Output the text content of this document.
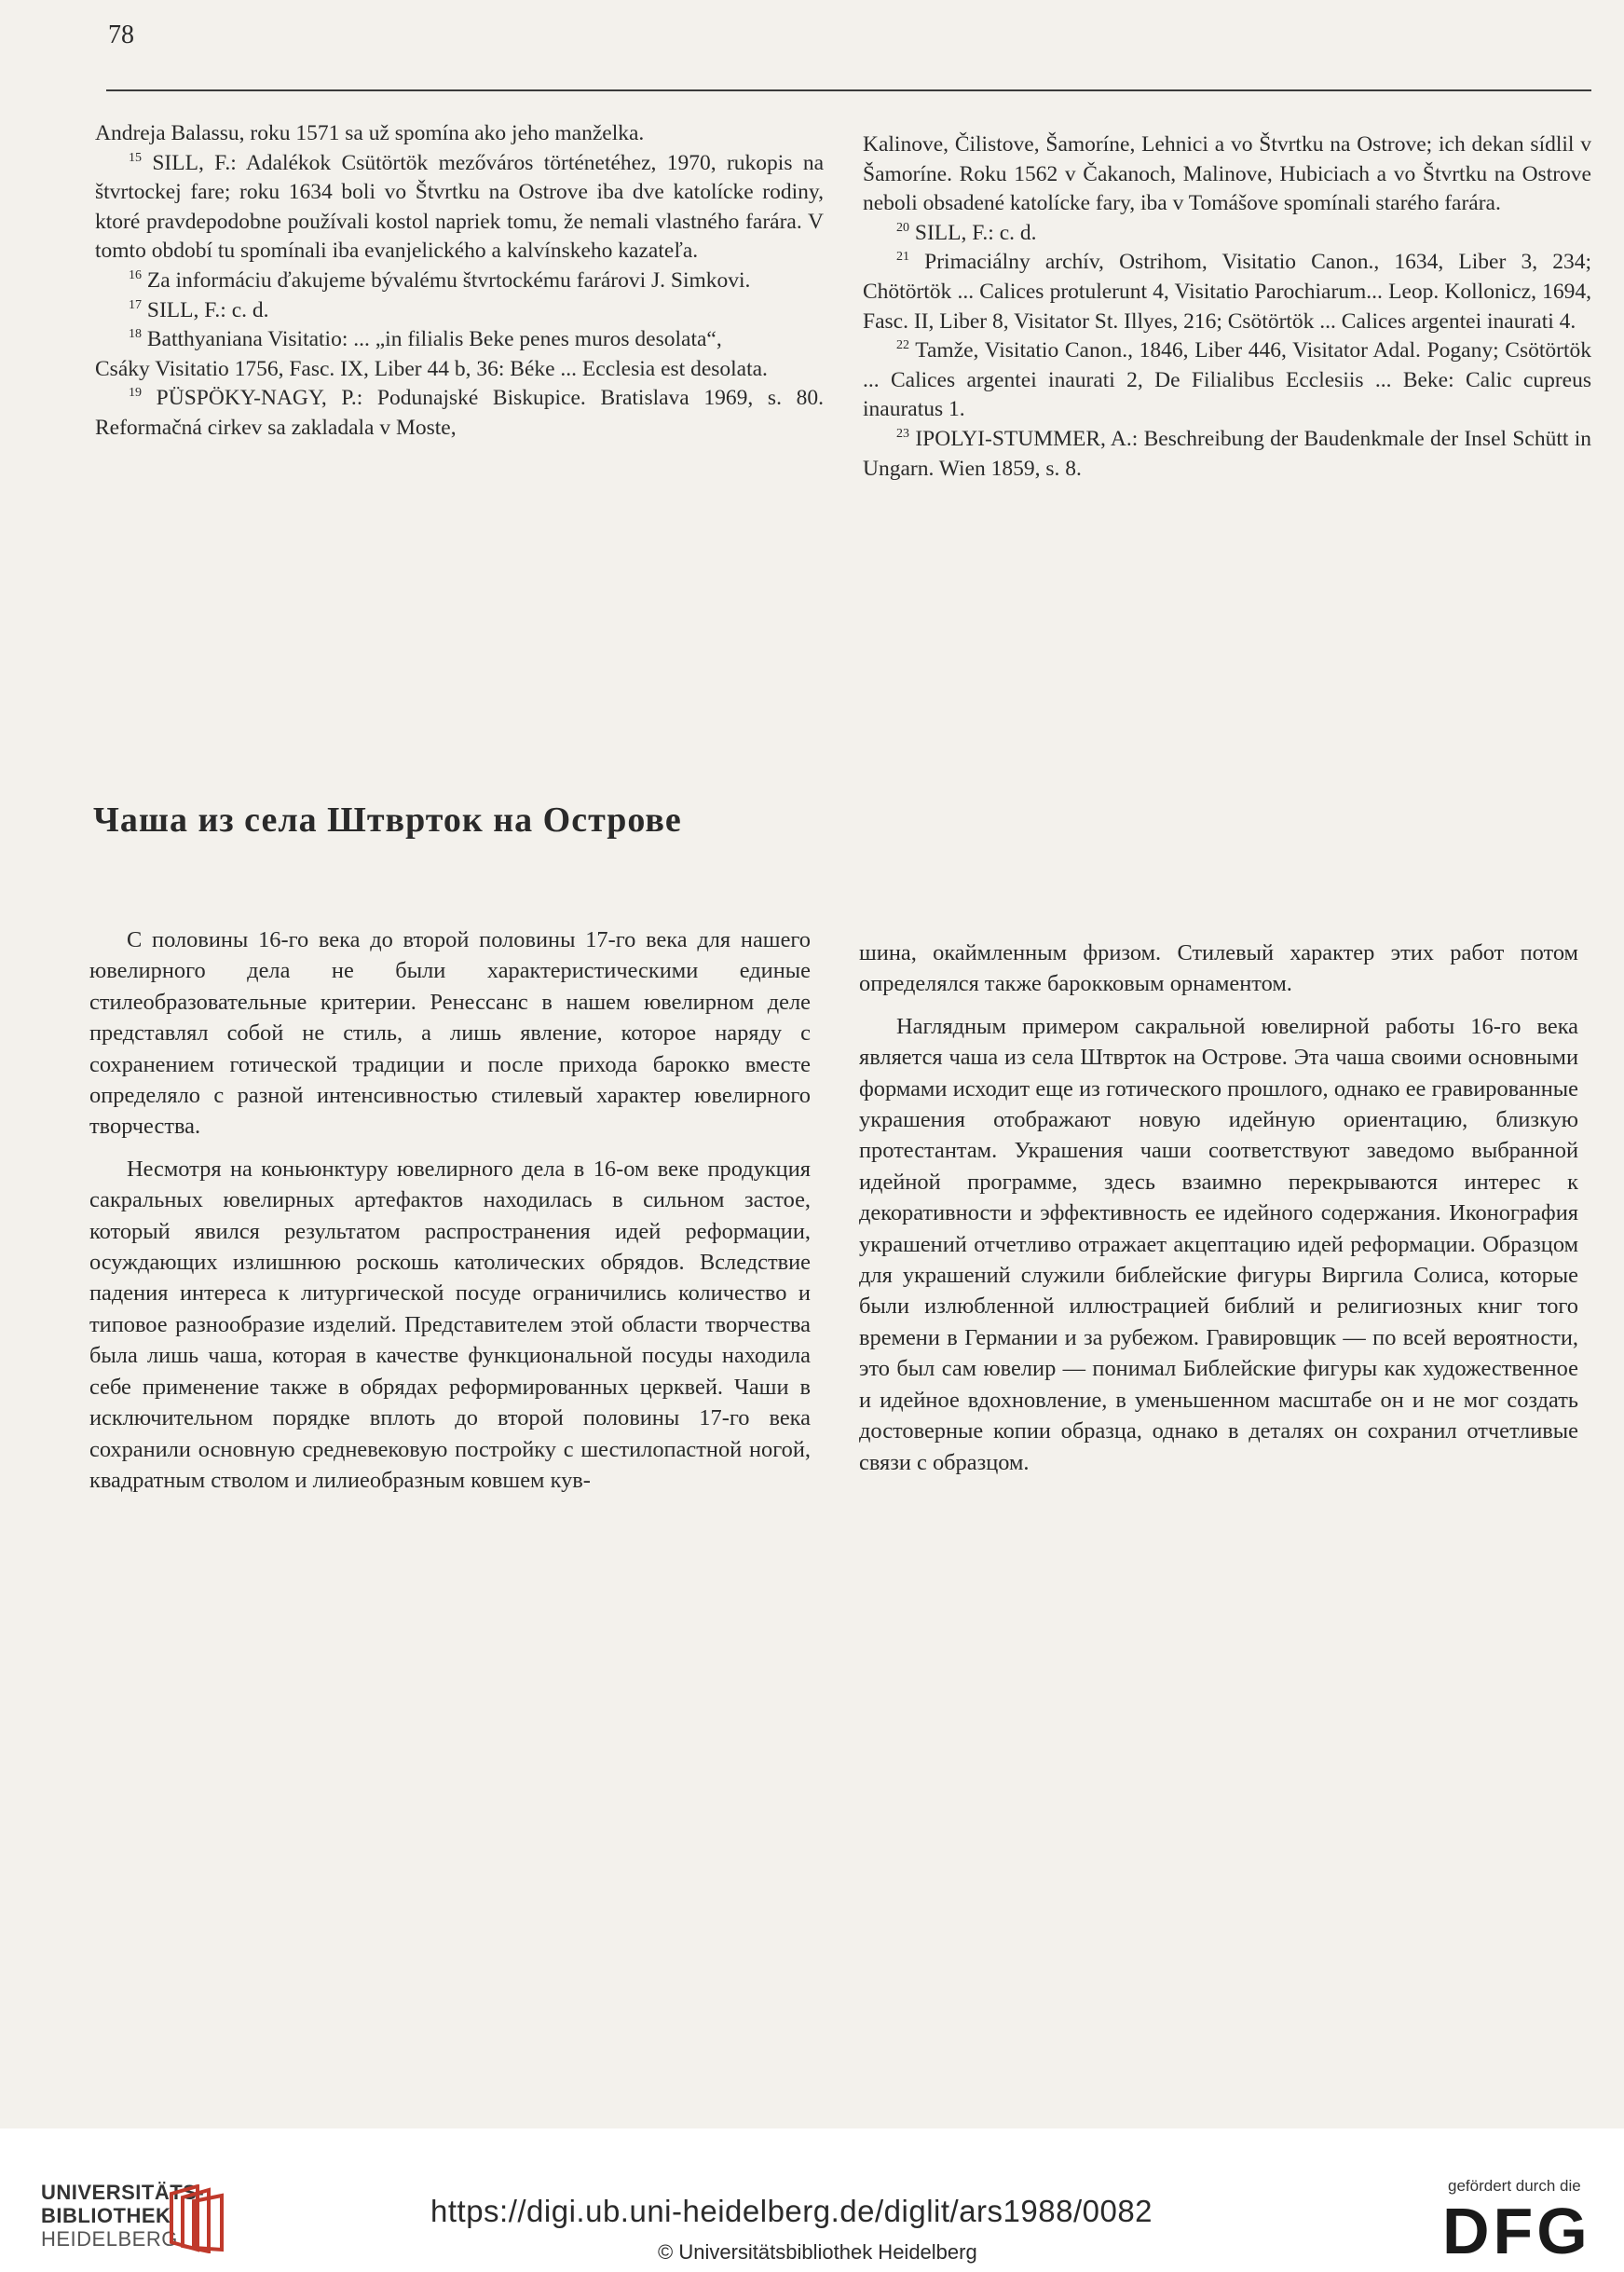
78

Andreja Balassu, roku 1571 sa už spomína ako jeho manželka.

$^{15}$ SILL, F.: Adalékok Csütörtök mezőváros történetéhez, 1970, rukopis na štvrtockej fare; roku 1634 boli vo Štvrtku na Ostrove iba dve katolícke rodiny, ktoré pravdepodobne používali kostol napriek tomu, že nemali vlastného farára. V tomto období tu spomínali iba evanjelického a kalvínskeho kazateľa.

$^{16}$ Za informáciu ďakujeme bývalému štvrtockému farárovi J. Simkovi.

$^{17}$ SILL, F.: c. d.

$^{18}$ Batthyaniana Visitatio: ... „in filialis Beke penes muros desolata“,

Csáky Visitatio 1756, Fasc. IX, Liber 44 b, 36: Béke ... Ecclesia est desolata.

$^{19}$ PÜSPÖKY-NAGY, P.: Podunajské Biskupice. Bratislava 1969, s. 80. Reformačná cirkev sa zakladala v Moste,

Kalinove, Čilistove, Šamoríne, Lehnici a vo Štvrtku na Ostrove; ich dekan sídlil v Šamoríne. Roku 1562 v Čakanoch, Malinove, Hubiciach a vo Štvrtku na Ostrove neboli obsadené katolícke fary, iba v Tomášove spomínali starého farára.

$^{20}$ SILL, F.: c. d.

$^{21}$ Primaciálny archív, Ostrihom, Visitatio Canon., 1634, Liber 3, 234; Chötörtök ... Calices protulerunt 4, Visitatio Parochiarum... Leop. Kollonicz, 1694, Fasc. II, Liber 8, Visitator St. Illyes, 216; Csötörtök ... Calices argentei inaurati 4.

$^{22}$ Tamže, Visitatio Canon., 1846, Liber 446, Visitator Adal. Pogany; Csötörtök ... Calices argentei inaurati 2, De Filialibus Ecclesiis ... Beke: Calic cupreus inauratus 1.

$^{23}$ IPOLYI-STUMMER, A.: Beschreibung der Baudenkmale der Insel Schütt in Ungarn. Wien 1859, s. 8.

Чаша из села Штврток на Острове

С половины 16-го века до второй половины 17-го века для нашего ювелирного дела не были характеристическими единые стилеобразовательные критерии. Ренессанс в нашем ювелирном деле представлял собой не стиль, а лишь явление, которое наряду с сохранением готической традиции и после прихода барокко вместе определяло с разной интенсивностью стилевый характер ювелирного творчества.

Несмотря на коньюнктуру ювелирного дела в 16-ом веке продукция сакральных ювелирных артефактов находилась в сильном застое, который явился результатом распространения идей реформации, осуждающих излишнюю роскошь католических обрядов. Вследствие падения интереса к литургической посуде ограничились количество и типовое разнообразие изделий. Представителем этой области творчества была лишь чаша, которая в качестве функциональной посуды находила себе применение также в обрядах реформированных церквей. Чаши в исключительном порядке вплоть до второй половины 17-го века сохранили основную средневековую постройку с шестилопастной ногой, квадратным стволом и лилиеобразным ковшем кув-

шина, окаймленным фризом. Стилевый характер этих работ потом определялся также барокковым орнаментом.

Наглядным примером сакральной ювелирной работы 16-го века является чаша из села Штврток на Острове. Эта чаша своими основными формами исходит еще из готического прошлого, однако ее гравированные украшения отображают новую идейную ориентацию, близкую протестантам. Украшения чаши соответствуют заведомо выбранной идейной программе, здесь взаимно перекрываются интерес к декоративности и эффективность ее идейного содержания. Иконография украшений отчетливо отражает акцептацию идей реформации. Образцом для украшений служили библейские фигуры Виргила Солиса, которые были излюбленной иллюстрацией библий и религиозных книг того времени в Германии и за рубежом. Гравировщик — по всей вероятности, это был сам ювелир — понимал Библейские фигуры как художественное и идейное вдохновление, в уменьшенном масштабе он и не мог создать достоверные копии образца, однако в деталях он сохранил отчетливые связи с образцом.

UNIVERSITÄTS-
BIBLIOTHEK
HEIDELBERG
https://digi.ub.uni-heidelberg.de/diglit/ars1988/0082
© Universitätsbibliothek Heidelberg
gefördert durch die
DFG
